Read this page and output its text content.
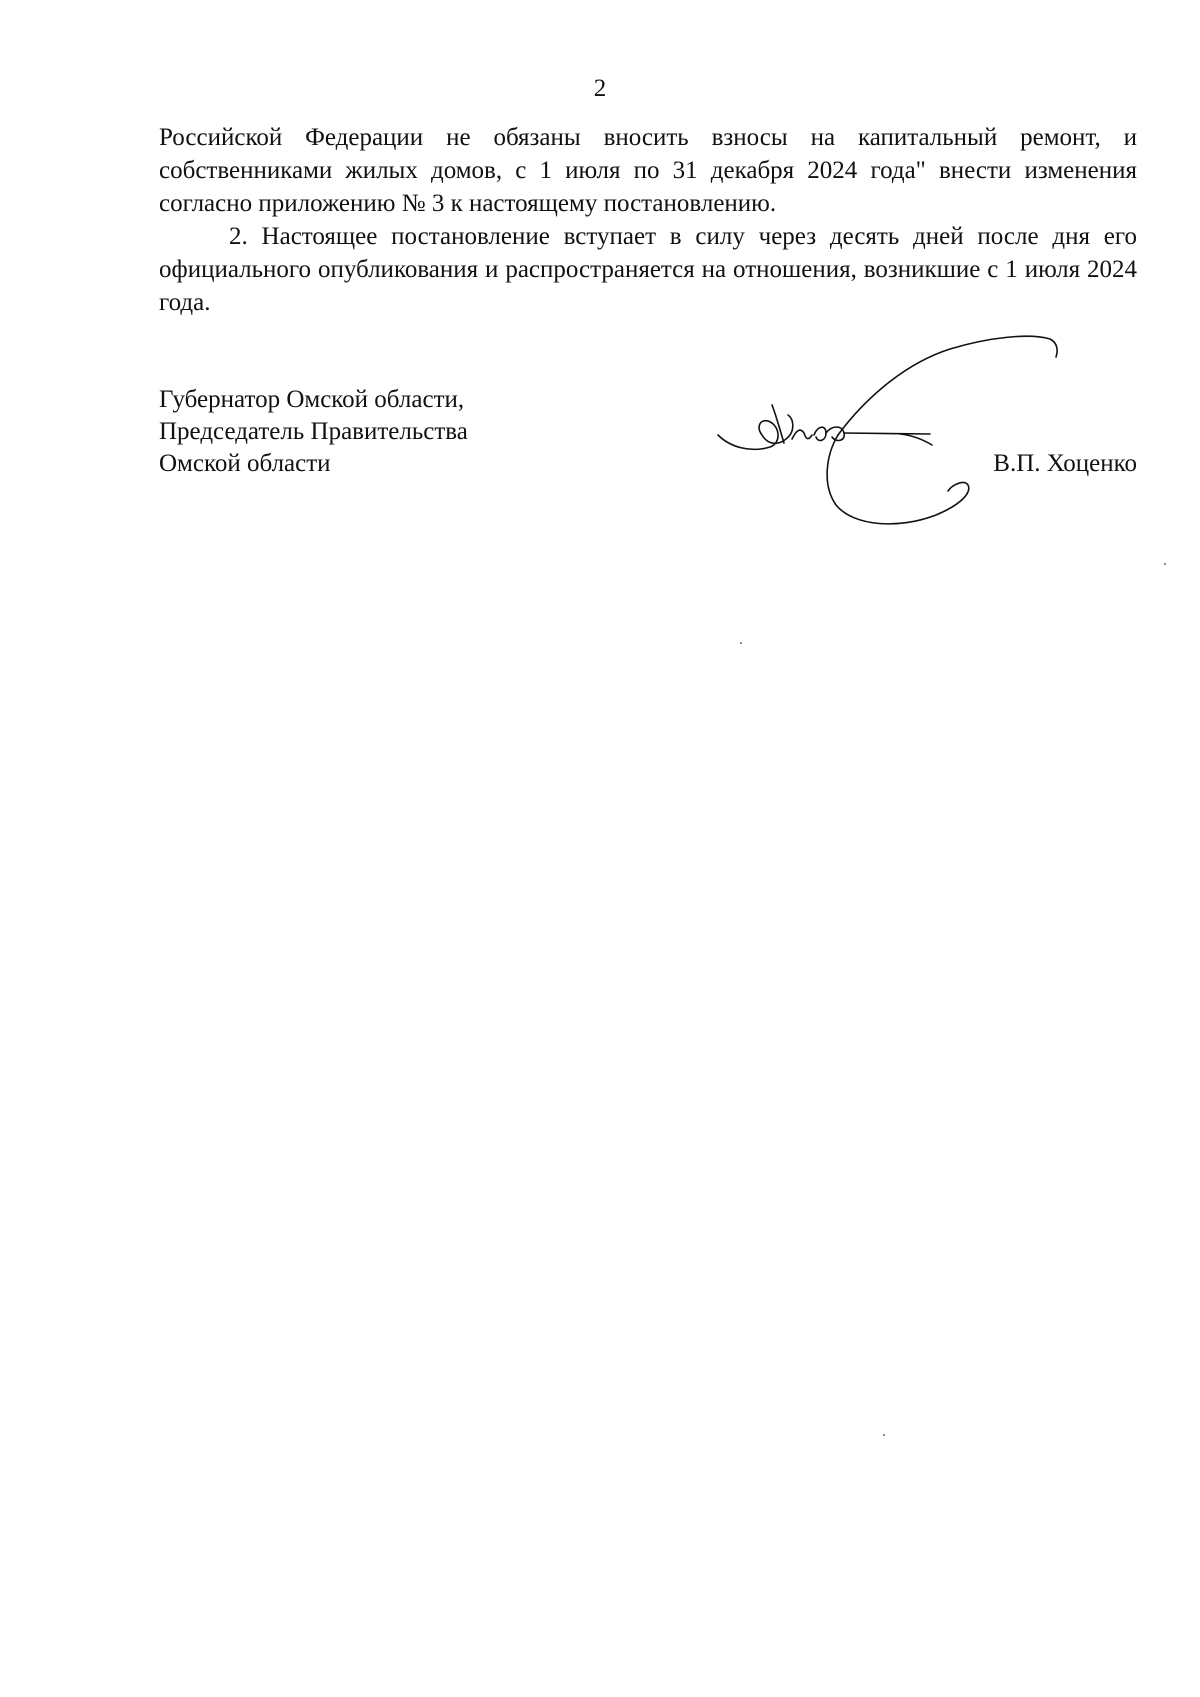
2

Российской Федерации не обязаны вносить взносы на капитальный ремонт, и собственниками жилых домов, с 1 июля по 31 декабря 2024 года" внести изменения согласно приложению № 3 к настоящему постановлению.

2. Настоящее постановление вступает в силу через десять дней после дня его официального опубликования и распространяется на отношения, возникшие с 1 июля 2024 года.

Губернатор Омской области,
Председатель Правительства
Омской области	В.П. Хоценко
